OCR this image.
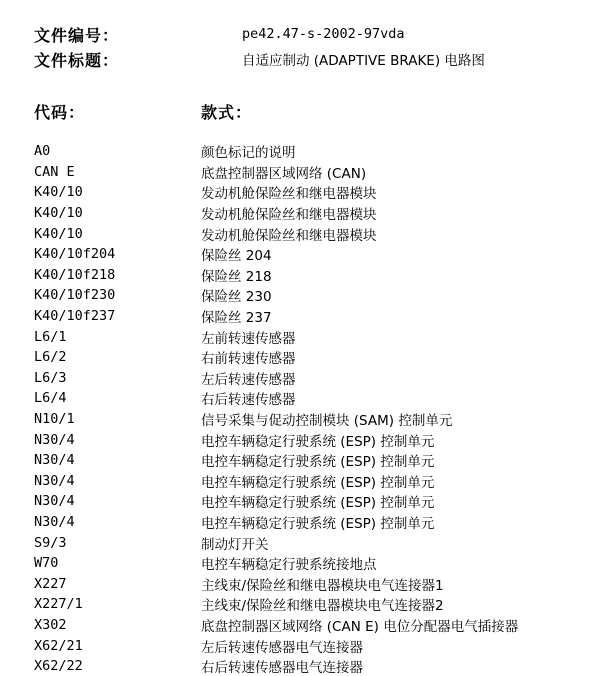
文件编号：	pe42.47-s-2002-97vda
文件标题：	自适应制动 (ADAPTIVE BRAKE) 电路图
代码：	款式：
A0	颜色标记的说明
CAN E	底盘控制器区域网络 (CAN)
K40/10	发动机舱保险丝和继电器模块
K40/10	发动机舱保险丝和继电器模块
K40/10	发动机舱保险丝和继电器模块
K40/10f204	保险丝 204
K40/10f218	保险丝 218
K40/10f230	保险丝 230
K40/10f237	保险丝 237
L6/1	左前转速传感器
L6/2	右前转速传感器
L6/3	左后转速传感器
L6/4	右后转速传感器
N10/1	信号采集与促动控制模块 (SAM) 控制单元
N30/4	电控车辆稳定行驶系统 (ESP) 控制单元
N30/4	电控车辆稳定行驶系统 (ESP) 控制单元
N30/4	电控车辆稳定行驶系统 (ESP) 控制单元
N30/4	电控车辆稳定行驶系统 (ESP) 控制单元
N30/4	电控车辆稳定行驶系统 (ESP) 控制单元
S9/3	制动灯开关
W70	电控车辆稳定行驶系统接地点
X227	主线束/保险丝和继电器模块电气连接器1
X227/1	主线束/保险丝和继电器模块电气连接器2
X302	底盘控制器区域网络 (CAN E) 电位分配器电气插接器
X62/21	左后转速传感器电气连接器
X62/22	右后转速传感器电气连接器
